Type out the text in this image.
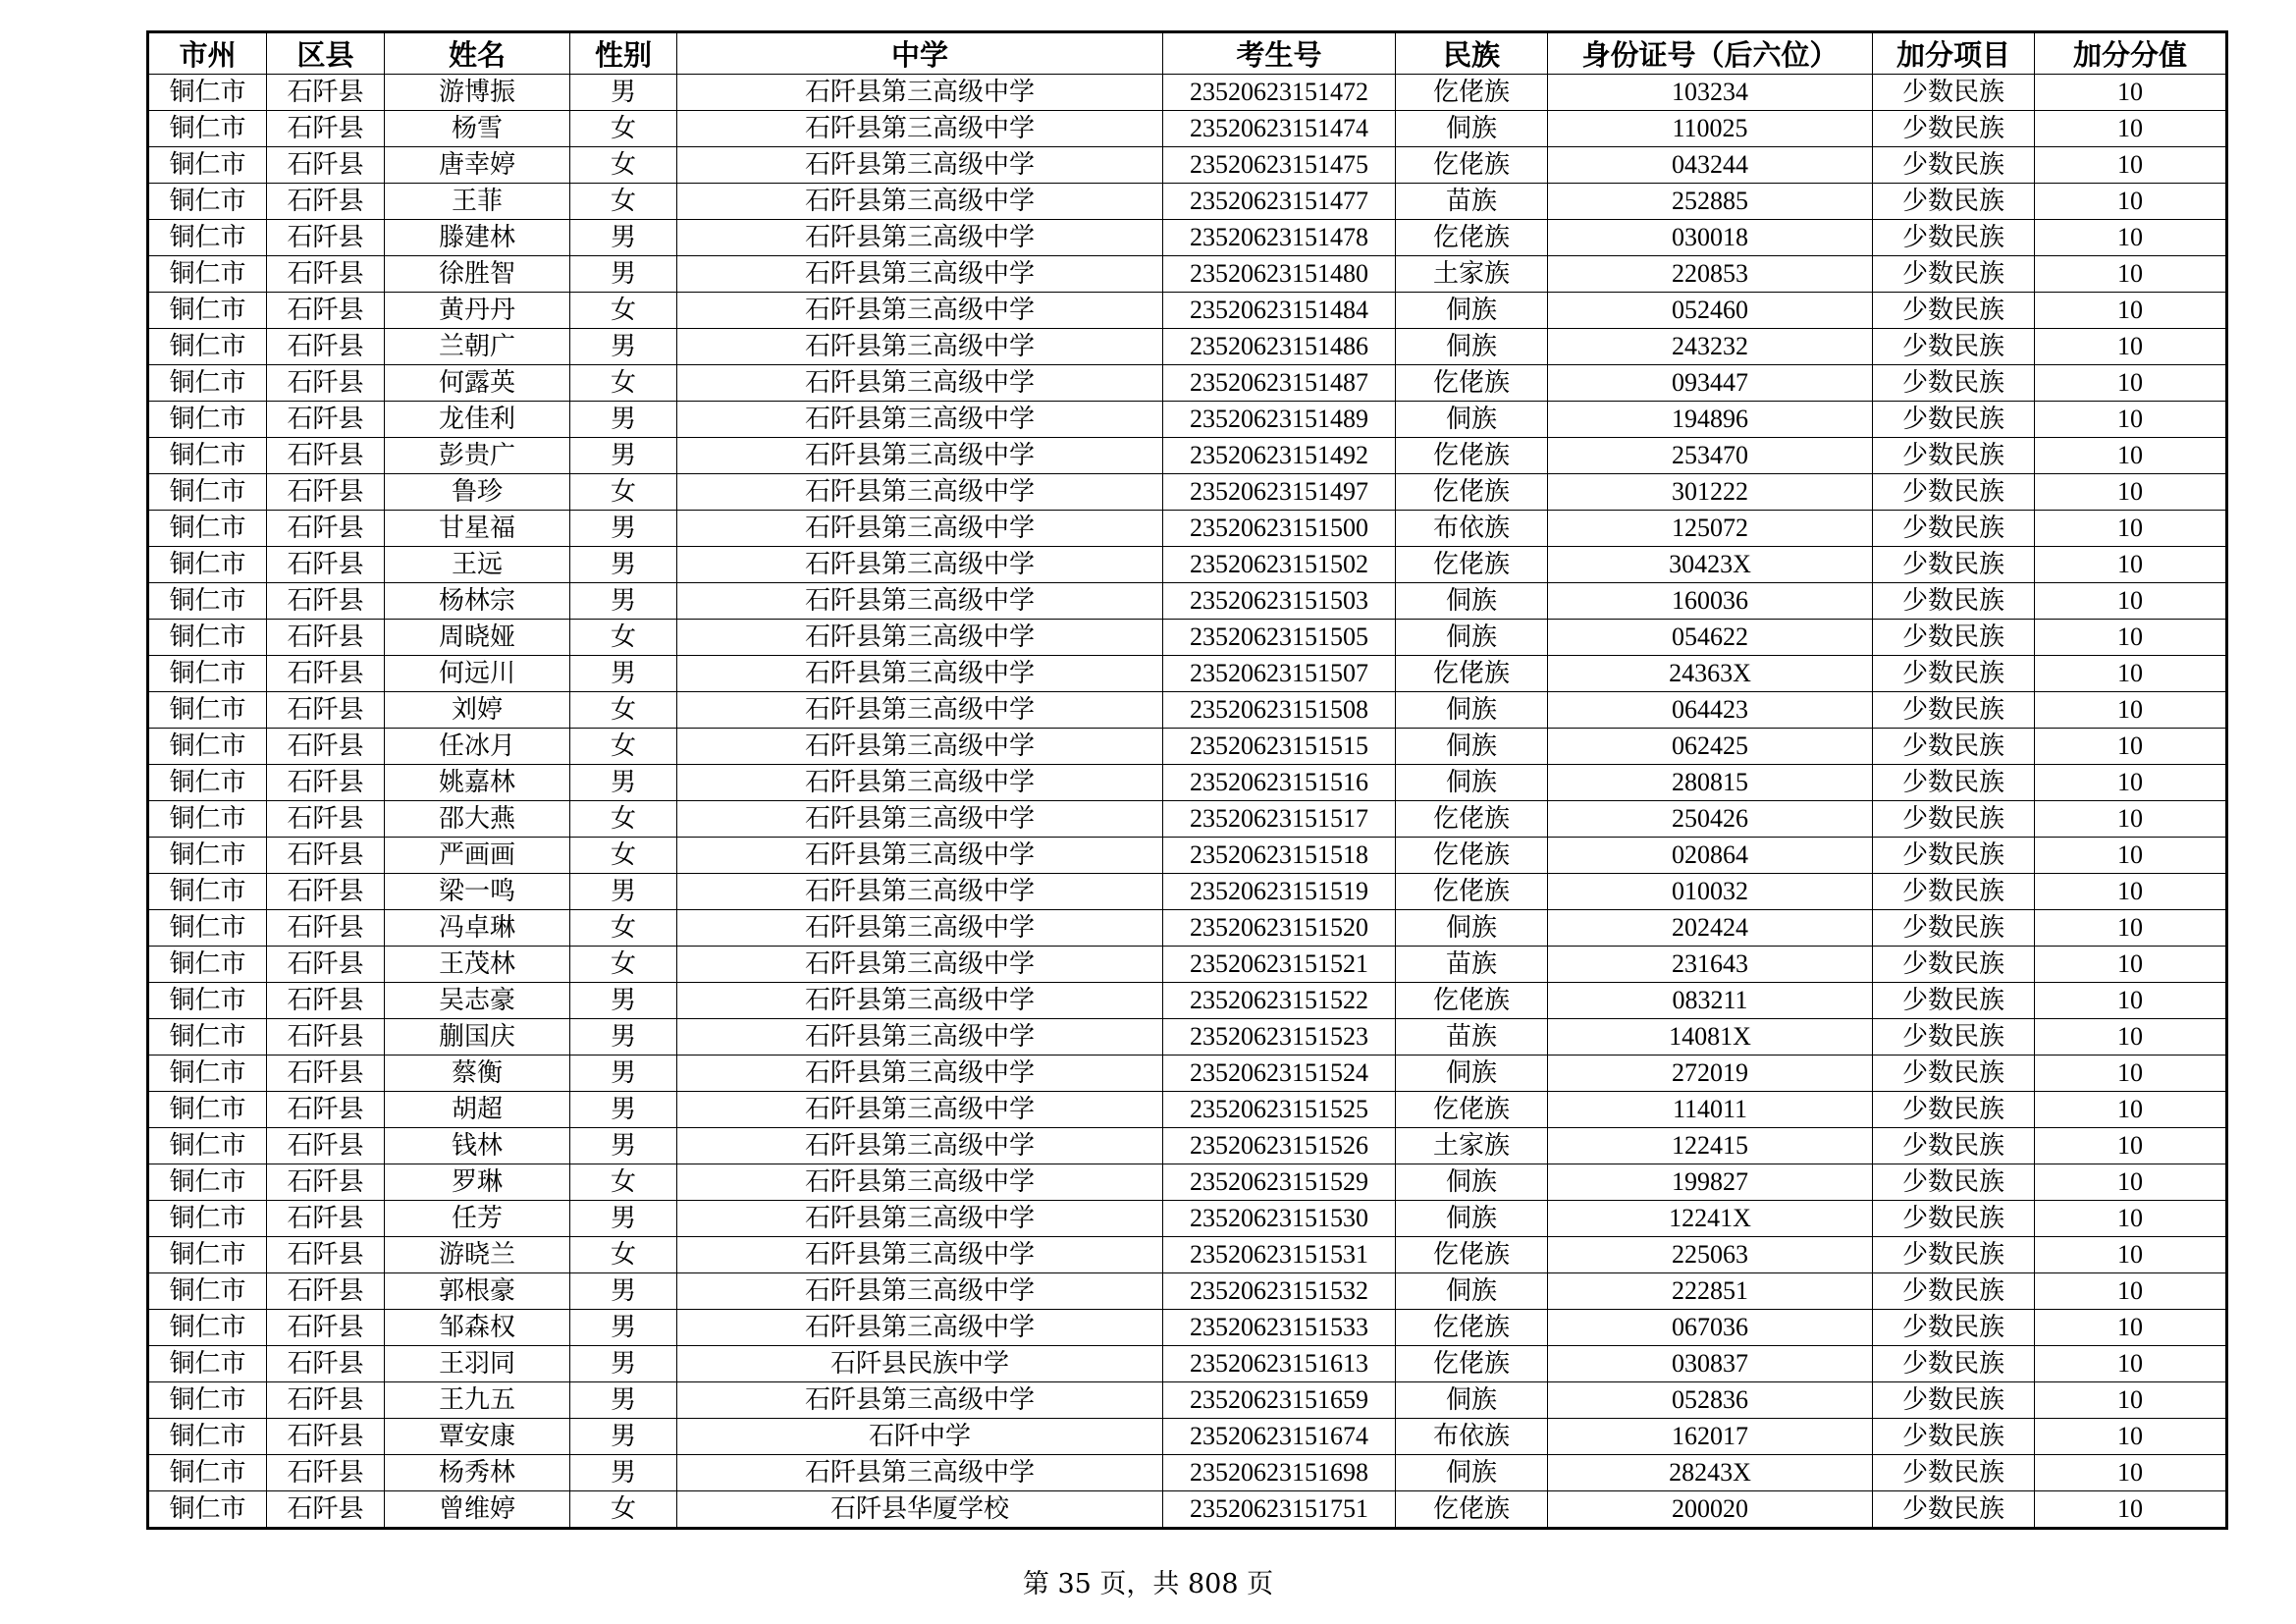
市州	区县	姓名	性别	中学	考生号	民族	身份证号（后六位）	加分项目	加分分值
铜仁市	石阡县	游博振	男	石阡县第三高级中学	23520623151472	仡佬族	103234	少数民族	10
铜仁市	石阡县	杨雪	女	石阡县第三高级中学	23520623151474	侗族	110025	少数民族	10
铜仁市	石阡县	唐幸婷	女	石阡县第三高级中学	23520623151475	仡佬族	043244	少数民族	10
铜仁市	石阡县	王菲	女	石阡县第三高级中学	23520623151477	苗族	252885	少数民族	10
铜仁市	石阡县	滕建林	男	石阡县第三高级中学	23520623151478	仡佬族	030018	少数民族	10
铜仁市	石阡县	徐胜智	男	石阡县第三高级中学	23520623151480	土家族	220853	少数民族	10
铜仁市	石阡县	黄丹丹	女	石阡县第三高级中学	23520623151484	侗族	052460	少数民族	10
铜仁市	石阡县	兰朝广	男	石阡县第三高级中学	23520623151486	侗族	243232	少数民族	10
铜仁市	石阡县	何露英	女	石阡县第三高级中学	23520623151487	仡佬族	093447	少数民族	10
铜仁市	石阡县	龙佳利	男	石阡县第三高级中学	23520623151489	侗族	194896	少数民族	10
铜仁市	石阡县	彭贵广	男	石阡县第三高级中学	23520623151492	仡佬族	253470	少数民族	10
铜仁市	石阡县	鲁珍	女	石阡县第三高级中学	23520623151497	仡佬族	301222	少数民族	10
铜仁市	石阡县	甘星福	男	石阡县第三高级中学	23520623151500	布依族	125072	少数民族	10
铜仁市	石阡县	王远	男	石阡县第三高级中学	23520623151502	仡佬族	30423X	少数民族	10
铜仁市	石阡县	杨林宗	男	石阡县第三高级中学	23520623151503	侗族	160036	少数民族	10
铜仁市	石阡县	周晓娅	女	石阡县第三高级中学	23520623151505	侗族	054622	少数民族	10
铜仁市	石阡县	何远川	男	石阡县第三高级中学	23520623151507	仡佬族	24363X	少数民族	10
铜仁市	石阡县	刘婷	女	石阡县第三高级中学	23520623151508	侗族	064423	少数民族	10
铜仁市	石阡县	任冰月	女	石阡县第三高级中学	23520623151515	侗族	062425	少数民族	10
铜仁市	石阡县	姚嘉林	男	石阡县第三高级中学	23520623151516	侗族	280815	少数民族	10
铜仁市	石阡县	邵大燕	女	石阡县第三高级中学	23520623151517	仡佬族	250426	少数民族	10
铜仁市	石阡县	严画画	女	石阡县第三高级中学	23520623151518	仡佬族	020864	少数民族	10
铜仁市	石阡县	梁一鸣	男	石阡县第三高级中学	23520623151519	仡佬族	010032	少数民族	10
铜仁市	石阡县	冯卓琳	女	石阡县第三高级中学	23520623151520	侗族	202424	少数民族	10
铜仁市	石阡县	王茂林	女	石阡县第三高级中学	23520623151521	苗族	231643	少数民族	10
铜仁市	石阡县	吴志豪	男	石阡县第三高级中学	23520623151522	仡佬族	083211	少数民族	10
铜仁市	石阡县	蒯国庆	男	石阡县第三高级中学	23520623151523	苗族	14081X	少数民族	10
铜仁市	石阡县	蔡衡	男	石阡县第三高级中学	23520623151524	侗族	272019	少数民族	10
铜仁市	石阡县	胡超	男	石阡县第三高级中学	23520623151525	仡佬族	114011	少数民族	10
铜仁市	石阡县	钱林	男	石阡县第三高级中学	23520623151526	土家族	122415	少数民族	10
铜仁市	石阡县	罗琳	女	石阡县第三高级中学	23520623151529	侗族	199827	少数民族	10
铜仁市	石阡县	任芳	男	石阡县第三高级中学	23520623151530	侗族	12241X	少数民族	10
铜仁市	石阡县	游晓兰	女	石阡县第三高级中学	23520623151531	仡佬族	225063	少数民族	10
铜仁市	石阡县	郭根豪	男	石阡县第三高级中学	23520623151532	侗族	222851	少数民族	10
铜仁市	石阡县	邹森权	男	石阡县第三高级中学	23520623151533	仡佬族	067036	少数民族	10
铜仁市	石阡县	王羽同	男	石阡县民族中学	23520623151613	仡佬族	030837	少数民族	10
铜仁市	石阡县	王九五	男	石阡县第三高级中学	23520623151659	侗族	052836	少数民族	10
铜仁市	石阡县	覃安康	男	石阡中学	23520623151674	布依族	162017	少数民族	10
铜仁市	石阡县	杨秀林	男	石阡县第三高级中学	23520623151698	侗族	28243X	少数民族	10
铜仁市	石阡县	曾维婷	女	石阡县华厦学校	23520623151751	仡佬族	200020	少数民族	10
第 35 页，共 808 页
